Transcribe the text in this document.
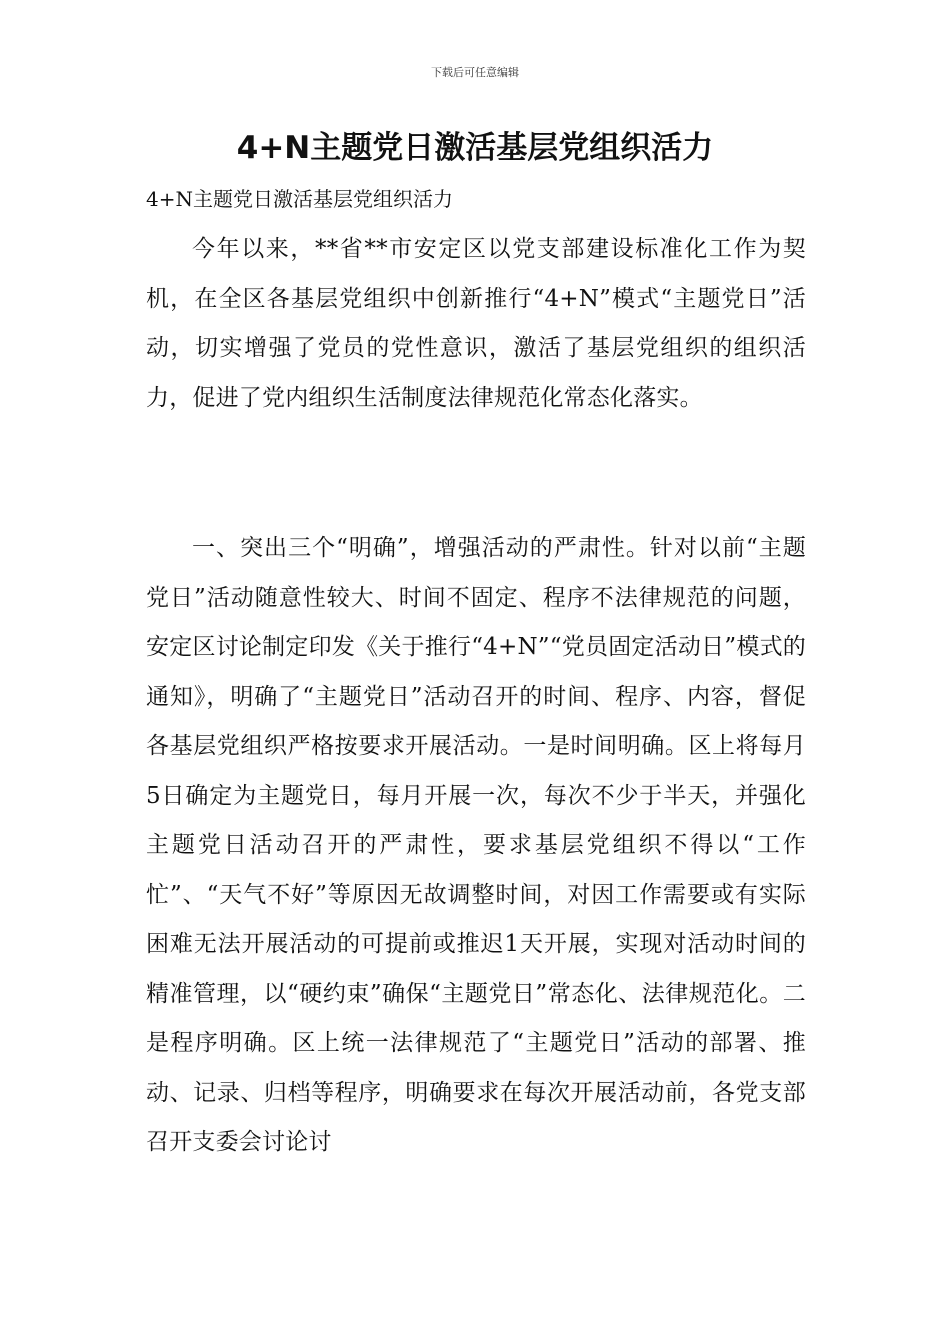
下载后可任意编辑
4+N主题党日激活基层党组织活力

4+N主题党日激活基层党组织活力

今年以来，**省**市安定区以党支部建设标准化工作为契机，在全区各基层党组织中创新推行“4+N”模式“主题党日”活动，切实增强了党员的党性意识，激活了基层党组织的组织活力，促进了党内组织生活制度法律规范化常态化落实。

一、突出三个“明确”，增强活动的严肃性。针对以前“主题党日”活动随意性较大、时间不固定、程序不法律规范的问题，安定区讨论制定印发《关于推行“4+N”“党员固定活动日”模式的通知》，明确了“主题党日”活动召开的时间、程序、内容，督促各基层党组织严格按要求开展活动。一是时间明确。区上将每月5日确定为主题党日，每月开展一次，每次不少于半天，并强化主题党日活动召开的严肃性，要求基层党组织不得以“工作忙”、“天气不好”等原因无故调整时间，对因工作需要或有实际困难无法开展活动的可提前或推迟1天开展，实现对活动时间的精准管理，以“硬约束”确保“主题党日”常态化、法律规范化。二是程序明确。区上统一法律规范了“主题党日”活动的部署、推动、记录、归档等程序，明确要求在每次开展活动前，各党支部召开支委会讨论讨
